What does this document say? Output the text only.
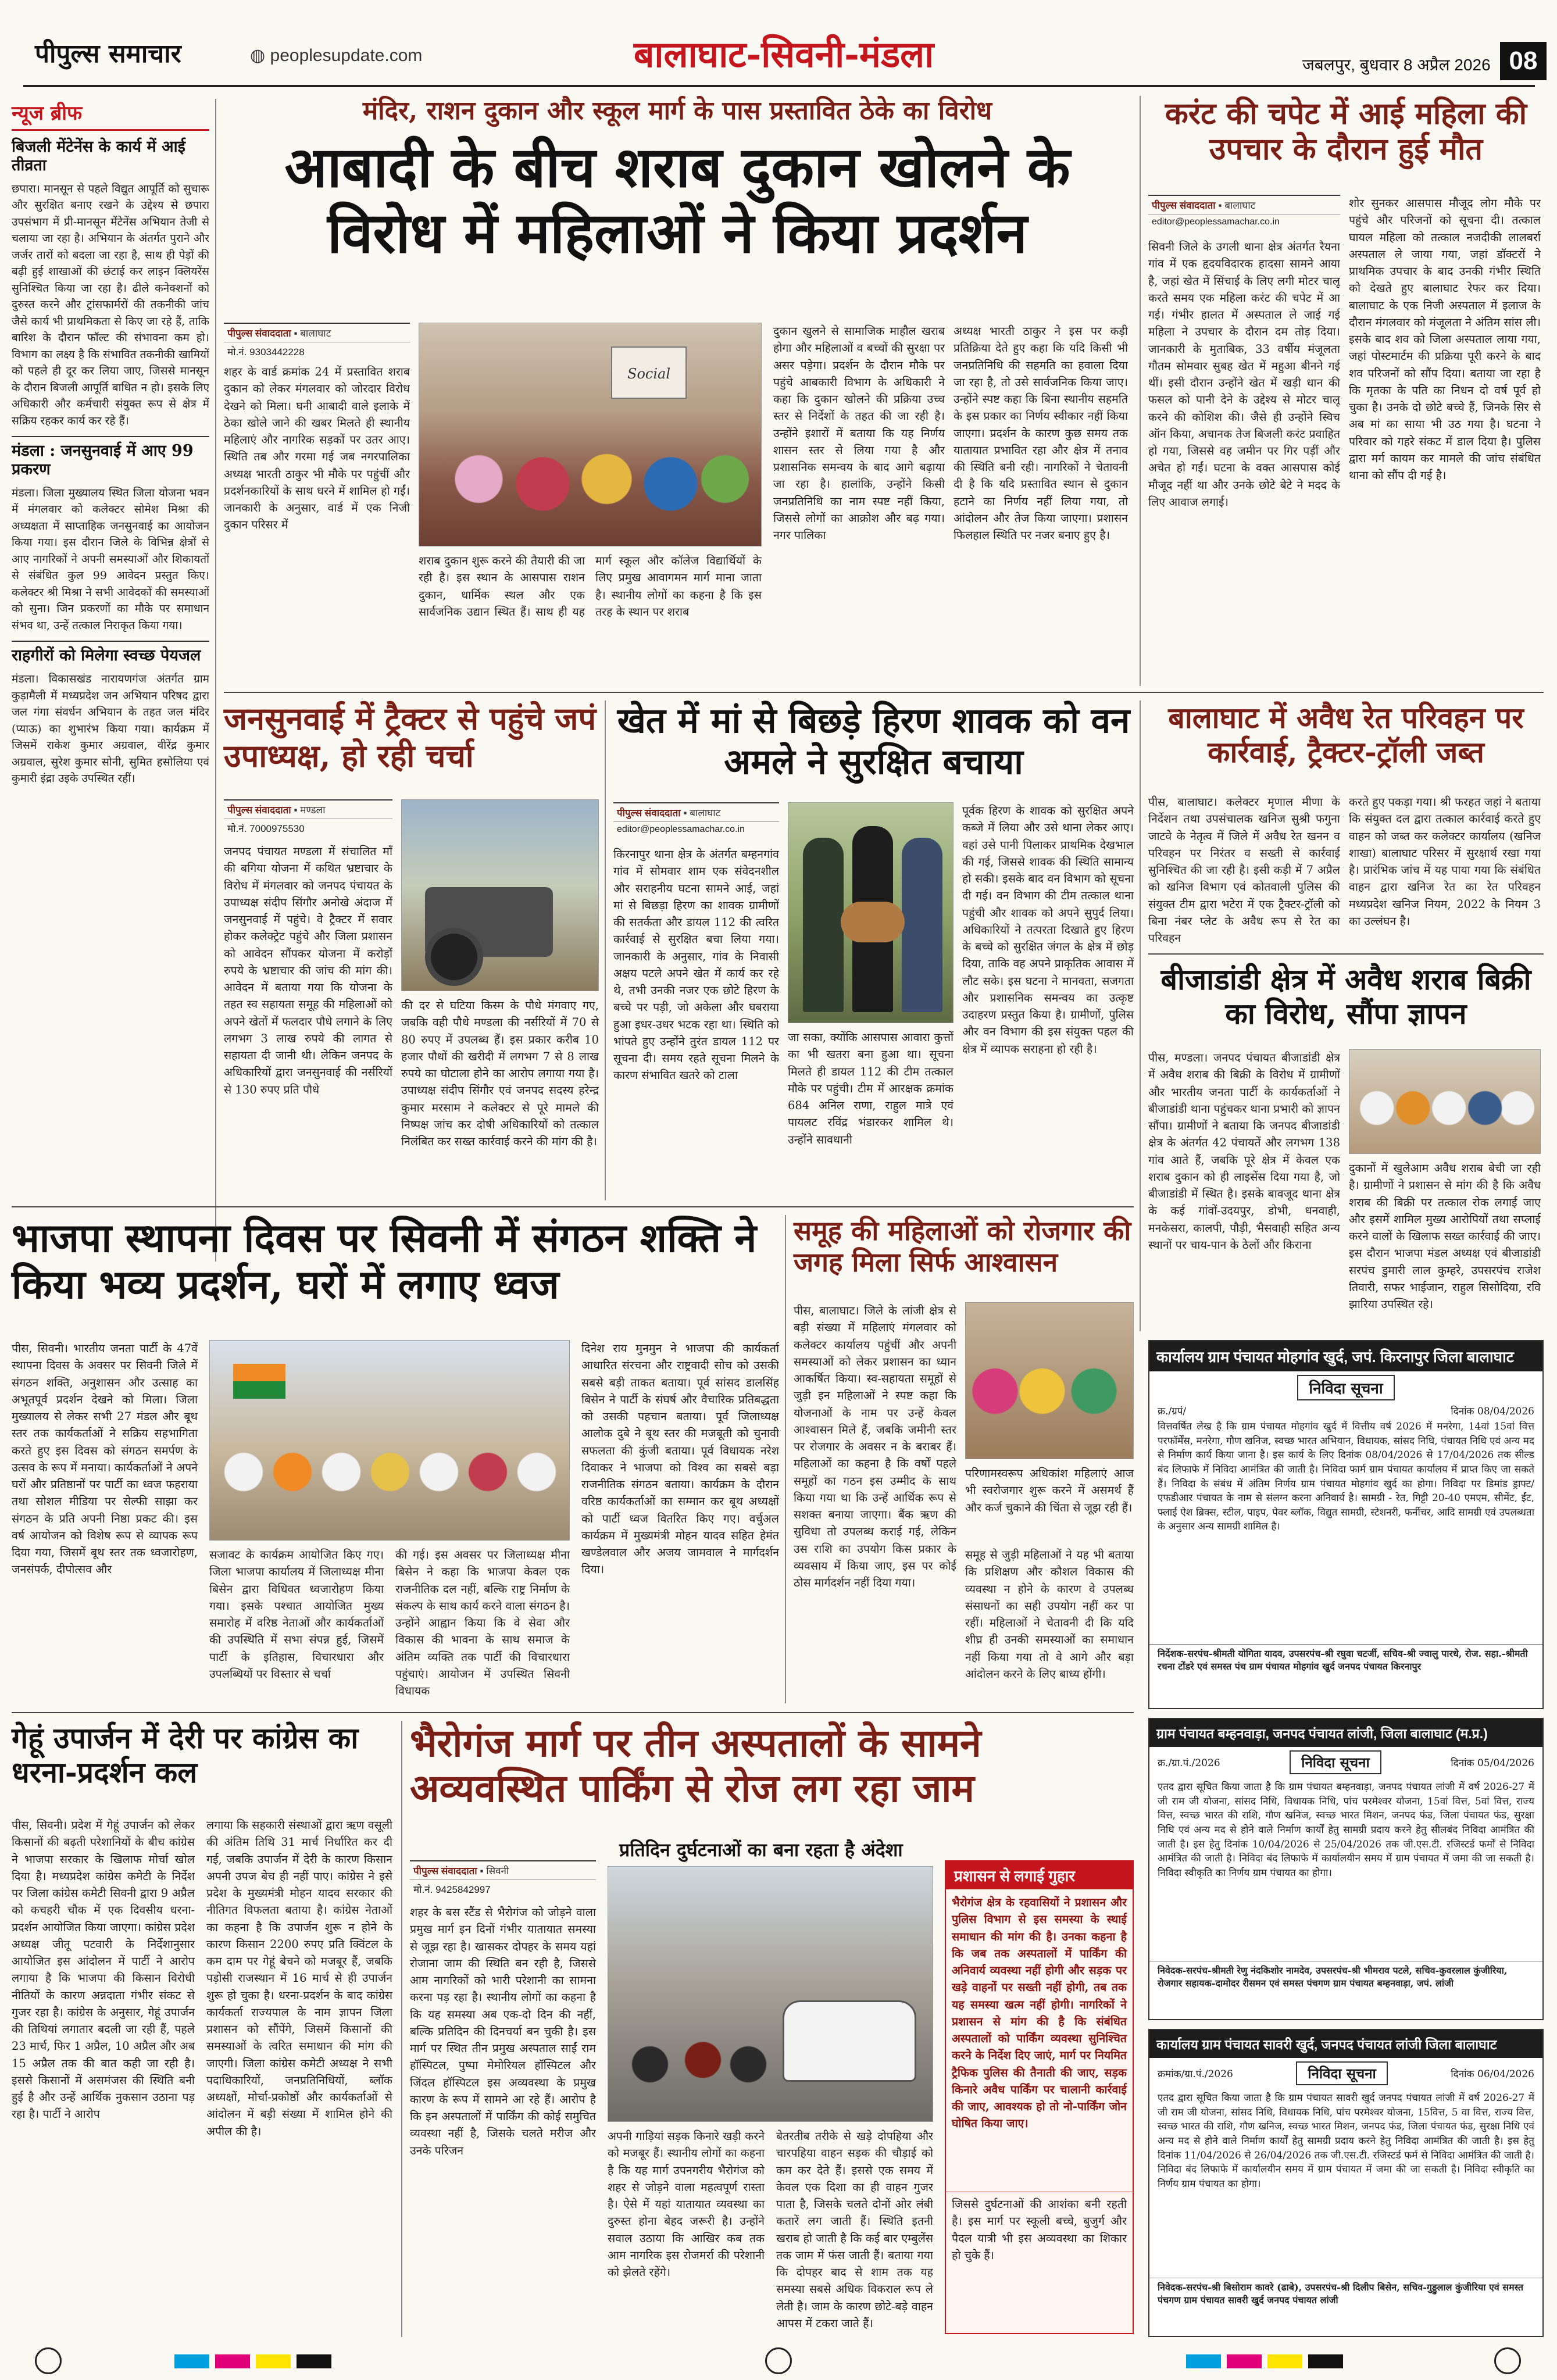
पीपुल्स समाचार	◍ peoplesupdate.com	बालाघाट-सिवनी-मंडला	जबलपुर, बुधवार 8 अप्रैल 2026 08
न्यूज ब्रीफ
बिजली मेंटेनेंस के कार्य में आई तीव्रता
छपारा। मानसून से पहले विद्युत आपूर्ति को सुचारू और सुरक्षित बनाए रखने के उद्देश्य से छपारा उपसंभाग में प्री-मानसून मेंटेनेंस अभियान तेजी से चलाया जा रहा है। अभियान के अंतर्गत पुराने और जर्जर तारों को बदला जा रहा है, साथ ही पेड़ों की बढ़ी हुई शाखाओं की छंटाई कर लाइन क्लियरेंस सुनिश्चित किया जा रहा है। ढीले कनेक्शनों को दुरुस्त करने और ट्रांसफार्मरों की तकनीकी जांच जैसे कार्य भी प्राथमिकता से किए जा रहे हैं, ताकि बारिश के दौरान फॉल्ट की संभावना कम हो। विभाग का लक्ष्य है कि संभावित तकनीकी खामियों को पहले ही दूर कर लिया जाए, जिससे मानसून के दौरान बिजली आपूर्ति बाधित न हो। इसके लिए अधिकारी और कर्मचारी संयुक्त रूप से क्षेत्र में सक्रिय रहकर कार्य कर रहे हैं।
मंडला : जनसुनवाई में आए 99 प्रकरण
मंडला। जिला मुख्यालय स्थित जिला योजना भवन में मंगलवार को कलेक्टर सोमेश मिश्रा की अध्यक्षता में साप्ताहिक जनसुनवाई का आयोजन किया गया। इस दौरान जिले के विभिन्न क्षेत्रों से आए नागरिकों ने अपनी समस्याओं और शिकायतों से संबंधित कुल 99 आवेदन प्रस्तुत किए। कलेक्टर श्री मिश्रा ने सभी आवेदकों की समस्याओं को सुना। जिन प्रकरणों का मौके पर समाधान संभव था, उन्हें तत्काल निराकृत किया गया।
राहगीरों को मिलेगा स्वच्छ पेयजल
मंडला। विकासखंड नारायणगंज अंतर्गत ग्राम कुड़ामैली में मध्यप्रदेश जन अभियान परिषद द्वारा जल गंगा संवर्धन अभियान के तहत जल मंदिर (प्याऊ) का शुभारंभ किया गया। कार्यक्रम में जिसमें राकेश कुमार अग्रवाल, वीरेंद्र कुमार अग्रवाल, सुरेश कुमार सोनी, सुमित हसोलिया एवं कुमारी इंद्रा उइके उपस्थित रहीं।
मंदिर, राशन दुकान और स्कूल मार्ग के पास प्रस्तावित ठेके का विरोध
आबादी के बीच शराब दुकान खोलने के विरोध में महिलाओं ने किया प्रदर्शन
पीपुल्स संवाददाता ▪ बालाघाट
मो.नं. 9303442228
शहर के वार्ड क्रमांक 24 में प्रस्तावित शराब दुकान को लेकर मंगलवार को जोरदार विरोध देखने को मिला। घनी आबादी वाले इलाके में ठेका खोले जाने की खबर मिलते ही स्थानीय महिलाएं और नागरिक सड़कों पर उतर आए। स्थिति तब और गरमा गई जब नगरपालिका अध्यक्ष भारती ठाकुर भी मौके पर पहुंचीं और प्रदर्शनकारियों के साथ धरने में शामिल हो गईं। जानकारी के अनुसार, वार्ड में एक निजी दुकान परिसर में
Social
शराब दुकान शुरू करने की तैयारी की जा रही है। इस स्थान के आसपास राशन दुकान, धार्मिक स्थल और एक सार्वजनिक उद्यान स्थित हैं। साथ ही यह मार्ग स्कूल और कॉलेज विद्यार्थियों के लिए प्रमुख आवागमन मार्ग माना जाता है। स्थानीय लोगों का कहना है कि इस तरह के स्थान पर शराब
दुकान खुलने से सामाजिक माहौल खराब होगा और महिलाओं व बच्चों की सुरक्षा पर असर पड़ेगा। प्रदर्शन के दौरान मौके पर पहुंचे आबकारी विभाग के अधिकारी ने कहा कि दुकान खोलने की प्रक्रिया उच्च स्तर से निर्देशों के तहत की जा रही है। उन्होंने इशारों में बताया कि यह निर्णय शासन स्तर से लिया गया है और प्रशासनिक समन्वय के बाद आगे बढ़ाया जा रहा है। हालांकि, उन्होंने किसी जनप्रतिनिधि का नाम स्पष्ट नहीं किया, जिससे लोगों का आक्रोश और बढ़ गया। नगर पालिका
अध्यक्ष भारती ठाकुर ने इस पर कड़ी प्रतिक्रिया देते हुए कहा कि यदि किसी भी जनप्रतिनिधि की सहमति का हवाला दिया जा रहा है, तो उसे सार्वजनिक किया जाए। उन्होंने स्पष्ट कहा कि बिना स्थानीय सहमति के इस प्रकार का निर्णय स्वीकार नहीं किया जाएगा। प्रदर्शन के कारण कुछ समय तक यातायात प्रभावित रहा और क्षेत्र में तनाव की स्थिति बनी रही। नागरिकों ने चेतावनी दी है कि यदि प्रस्तावित स्थान से दुकान हटाने का निर्णय नहीं लिया गया, तो आंदोलन और तेज किया जाएगा। प्रशासन फिलहाल स्थिति पर नजर बनाए हुए है।
करंट की चपेट में आई महिला की उपचार के दौरान हुई मौत
पीपुल्स संवाददाता ▪ बालाघाट
editor@peoplessamachar.co.in
सिवनी जिले के उगली थाना क्षेत्र अंतर्गत रैयना गांव में एक हृदयविदारक हादसा सामने आया है, जहां खेत में सिंचाई के लिए लगी मोटर चालू करते समय एक महिला करंट की चपेट में आ गई। गंभीर हालत में अस्पताल ले जाई गई महिला ने उपचार के दौरान दम तोड़ दिया। जानकारी के मुताबिक, 33 वर्षीय मंजूलता गौतम सोमवार सुबह खेत में महुआ बीनने गई थीं। इसी दौरान उन्होंने खेत में खड़ी धान की फसल को पानी देने के उद्देश्य से मोटर चालू करने की कोशिश की। जैसे ही उन्होंने स्विच ऑन किया, अचानक तेज बिजली करंट प्रवाहित हो गया, जिससे वह जमीन पर गिर पड़ीं और अचेत हो गईं। घटना के वक्त आसपास कोई मौजूद नहीं था और उनके छोटे बेटे ने मदद के लिए आवाज लगाई।
शोर सुनकर आसपास मौजूद लोग मौके पर पहुंचे और परिजनों को सूचना दी। तत्काल घायल महिला को तत्काल नजदीकी लालबर्रा अस्पताल ले जाया गया, जहां डॉक्टरों ने प्राथमिक उपचार के बाद उनकी गंभीर स्थिति को देखते हुए बालाघाट रेफर कर दिया। बालाघाट के एक निजी अस्पताल में इलाज के दौरान मंगलवार को मंजूलता ने अंतिम सांस ली। इसके बाद शव को जिला अस्पताल लाया गया, जहां पोस्टमार्टम की प्रक्रिया पूरी करने के बाद शव परिजनों को सौंप दिया। बताया जा रहा है कि मृतका के पति का निधन दो वर्ष पूर्व हो चुका है। उनके दो छोटे बच्चे हैं, जिनके सिर से अब मां का साया भी उठ गया है। घटना ने परिवार को गहरे संकट में डाल दिया है। पुलिस द्वारा मर्ग कायम कर मामले की जांच संबंधित थाना को सौंप दी गई है।
जनसुनवाई में ट्रैक्टर से पहुंचे जपं उपाध्यक्ष, हो रही चर्चा
पीपुल्स संवाददाता ▪ मण्डला
मो.नं. 7000975530
जनपद पंचायत मण्डला में संचालित माँ की बगिया योजना में कथित भ्रष्टाचार के विरोध में मंगलवार को जनपद पंचायत के उपाध्यक्ष संदीप सिंगौर अनोखे अंदाज में जनसुनवाई में पहुंचे। वे ट्रैक्टर में सवार होकर कलेक्ट्रेट पहुंचे और जिला प्रशासन को आवेदन सौंपकर योजना में करोड़ों रुपये के भ्रष्टाचार की जांच की मांग की। आवेदन में बताया गया कि योजना के तहत स्व सहायता समूह की महिलाओं को अपने खेतों में फलदार पौधे लगाने के लिए लगभग 3 लाख रुपये की लागत से सहायता दी जानी थी। लेकिन जनपद के अधिकारियों द्वारा जनसुनवाई की नर्सरियों से 130 रुपए प्रति पौधे
की दर से घटिया किस्म के पौधे मंगवाए गए, जबकि वही पौधे मण्डला की नर्सरियों में 70 से 80 रुपए में उपलब्ध हैं। इस प्रकार करीब 10 हजार पौधों की खरीदी में लगभग 7 से 8 लाख रुपये का घोटाला होने का आरोप लगाया गया है। उपाध्यक्ष संदीप सिंगौर एवं जनपद सदस्य हरेन्द्र कुमार मरसाम ने कलेक्टर से पूरे मामले की निष्पक्ष जांच कर दोषी अधिकारियों को तत्काल निलंबित कर सख्त कार्रवाई करने की मांग की है।
खेत में मां से बिछड़े हिरण शावक को वन अमले ने सुरक्षित बचाया
पीपुल्स संवाददाता ▪ बालाघाट
editor@peoplessamachar.co.in
किरनापुर थाना क्षेत्र के अंतर्गत बम्हनगांव गांव में सोमवार शाम एक संवेदनशील और सराहनीय घटना सामने आई, जहां मां से बिछड़ा हिरण का शावक ग्रामीणों की सतर्कता और डायल 112 की त्वरित कार्रवाई से सुरक्षित बचा लिया गया। जानकारी के अनुसार, गांव के निवासी अक्षय पटले अपने खेत में कार्य कर रहे थे, तभी उनकी नजर एक छोटे हिरण के बच्चे पर पड़ी, जो अकेला और घबराया हुआ इधर-उधर भटक रहा था। स्थिति को भांपते हुए उन्होंने तुरंत डायल 112 पर सूचना दी। समय रहते सूचना मिलने के कारण संभावित खतरे को टाला
जा सका, क्योंकि आसपास आवारा कुत्तों का भी खतरा बना हुआ था। सूचना मिलते ही डायल 112 की टीम तत्काल मौके पर पहुंची। टीम में आरक्षक क्रमांक 684 अनिल राणा, राहुल मात्रे एवं पायलट रविंद्र भंडारकर शामिल थे। उन्होंने सावधानी
पूर्वक हिरण के शावक को सुरक्षित अपने कब्जे में लिया और उसे थाना लेकर आए। वहां उसे पानी पिलाकर प्राथमिक देखभाल की गई, जिससे शावक की स्थिति सामान्य हो सकी। इसके बाद वन विभाग को सूचना दी गई। वन विभाग की टीम तत्काल थाना पहुंची और शावक को अपने सुपुर्द लिया। अधिकारियों ने तत्परता दिखाते हुए हिरण के बच्चे को सुरक्षित जंगल के क्षेत्र में छोड़ दिया, ताकि वह अपने प्राकृतिक आवास में लौट सके। इस घटना ने मानवता, सजगता और प्रशासनिक समन्वय का उत्कृष्ट उदाहरण प्रस्तुत किया है। ग्रामीणों, पुलिस और वन विभाग की इस संयुक्त पहल की क्षेत्र में व्यापक सराहना हो रही है।
बालाघाट में अवैध रेत परिवहन पर कार्रवाई, ट्रैक्टर-ट्रॉली जब्त
पीस, बालाघाट। कलेक्टर मृणाल मीणा के निर्देशन तथा उपसंचालक खनिज सुश्री फगुना जाटवे के नेतृत्व में जिले में अवैध रेत खनन व परिवहन पर निरंतर व सख्ती से कार्रवाई सुनिश्चित की जा रही है। इसी कड़ी में 7 अप्रैल को खनिज विभाग एवं कोतवाली पुलिस की संयुक्त टीम द्वारा भटेरा में एक ट्रैक्टर-ट्रॉली को बिना नंबर प्लेट के अवैध रूप से रेत का परिवहन
करते हुए पकड़ा गया। श्री फरहत जहां ने बताया कि संयुक्त दल द्वारा तत्काल कार्रवाई करते हुए वाहन को जब्त कर कलेक्टर कार्यालय (खनिज शाखा) बालाघाट परिसर में सुरक्षार्थ रखा गया है। प्रारंभिक जांच में यह पाया गया कि संबंधित वाहन द्वारा खनिज रेत का रेत परिवहन मध्यप्रदेश खनिज नियम, 2022 के नियम 3 का उल्लंघन है।
बीजाडांडी क्षेत्र में अवैध शराब बिक्री का विरोध, सौंपा ज्ञापन
पीस, मण्डला। जनपद पंचायत बीजाडांडी क्षेत्र में अवैध शराब की बिक्री के विरोध में ग्रामीणों और भारतीय जनता पार्टी के कार्यकर्ताओं ने बीजाडांडी थाना पहुंचकर थाना प्रभारी को ज्ञापन सौंपा। ग्रामीणों ने बताया कि जनपद बीजाडांडी क्षेत्र के अंतर्गत 42 पंचायतें और लगभग 138 गांव आते हैं, जबकि पूरे क्षेत्र में केवल एक शराब दुकान को ही लाइसेंस दिया गया है, जो बीजाडांडी में स्थित है। इसके बावजूद थाना क्षेत्र के कई गांवों-उदयपुर, डोभी, धनवाही, मनकेसरा, कालपी, पौड़ी, भैसवाही सहित अन्य स्थानों पर चाय-पान के ठेलों और किराना
दुकानों में खुलेआम अवैध शराब बेची जा रही है। ग्रामीणों ने प्रशासन से मांग की है कि अवैध शराब की बिक्री पर तत्काल रोक लगाई जाए और इसमें शामिल मुख्य आरोपियों तथा सप्लाई करने वालों के खिलाफ सख्त कार्रवाई की जाए। इस दौरान भाजपा मंडल अध्यक्ष एवं बीजाडांडी सरपंच डुमारी लाल कुम्हरे, उपसरपंच राजेश तिवारी, सफर भाईजान, राहुल सिसोदिया, रवि झारिया उपस्थित रहे।
भाजपा स्थापना दिवस पर सिवनी में संगठन शक्ति ने किया भव्य प्रदर्शन, घरों में लगाए ध्वज
पीस, सिवनी। भारतीय जनता पार्टी के 47वें स्थापना दिवस के अवसर पर सिवनी जिले में संगठन शक्ति, अनुशासन और उत्साह का अभूतपूर्व प्रदर्शन देखने को मिला। जिला मुख्यालय से लेकर सभी 27 मंडल और बूथ स्तर तक कार्यकर्ताओं ने सक्रिय सहभागिता करते हुए इस दिवस को संगठन समर्पण के उत्सव के रूप में मनाया। कार्यकर्ताओं ने अपने घरों और प्रतिष्ठानों पर पार्टी का ध्वज फहराया तथा सोशल मीडिया पर सेल्फी साझा कर संगठन के प्रति अपनी निष्ठा प्रकट की। इस वर्ष आयोजन को विशेष रूप से व्यापक रूप दिया गया, जिसमें बूथ स्तर तक ध्वजारोहण, जनसंपर्क, दीपोत्सव और
सजावट के कार्यक्रम आयोजित किए गए। जिला भाजपा कार्यालय में जिलाध्यक्ष मीना बिसेन द्वारा विधिवत ध्वजारोहण किया गया। इसके पश्चात आयोजित मुख्य समारोह में वरिष्ठ नेताओं और कार्यकर्ताओं की उपस्थिति में सभा संपन्न हुई, जिसमें पार्टी के इतिहास, विचारधारा और उपलब्धियों पर विस्तार से चर्चा
की गई। इस अवसर पर जिलाध्यक्ष मीना बिसेन ने कहा कि भाजपा केवल एक राजनीतिक दल नहीं, बल्कि राष्ट्र निर्माण के संकल्प के साथ कार्य करने वाला संगठन है। उन्होंने आह्वान किया कि वे सेवा और विकास की भावना के साथ समाज के अंतिम व्यक्ति तक पार्टी की विचारधारा पहुंचाएं। आयोजन में उपस्थित सिवनी विधायक
दिनेश राय मुनमुन ने भाजपा की कार्यकर्ता आधारित संरचना और राष्ट्रवादी सोच को उसकी सबसे बड़ी ताकत बताया। पूर्व सांसद डालसिंह बिसेन ने पार्टी के संघर्ष और वैचारिक प्रतिबद्धता को उसकी पहचान बताया। पूर्व जिलाध्यक्ष आलोक दुबे ने बूथ स्तर की मजबूती को चुनावी सफलता की कुंजी बताया। पूर्व विधायक नरेश दिवाकर ने भाजपा को विश्व का सबसे बड़ा राजनीतिक संगठन बताया। कार्यक्रम के दौरान वरिष्ठ कार्यकर्ताओं का सम्मान कर बूथ अध्यक्षों को पार्टी ध्वज वितरित किए गए। वर्चुअल कार्यक्रम में मुख्यमंत्री मोहन यादव सहित हेमंत खण्डेलवाल और अजय जामवाल ने मार्गदर्शन दिया।
समूह की महिलाओं को रोजगार की जगह मिला सिर्फ आश्वासन
पीस, बालाघाट। जिले के लांजी क्षेत्र से बड़ी संख्या में महिलाएं मंगलवार को कलेक्टर कार्यालय पहुंचीं और अपनी समस्याओं को लेकर प्रशासन का ध्यान आकर्षित किया। स्व-सहायता समूहों से जुड़ी इन महिलाओं ने स्पष्ट कहा कि योजनाओं के नाम पर उन्हें केवल आश्वासन मिले हैं, जबकि जमीनी स्तर पर रोजगार के अवसर न के बराबर हैं। महिलाओं का कहना है कि वर्षों पहले समूहों का गठन इस उम्मीद के साथ किया गया था कि उन्हें आर्थिक रूप से सशक्त बनाया जाएगा। बैंक ऋण की सुविधा तो उपलब्ध कराई गई, लेकिन उस राशि का उपयोग किस प्रकार के व्यवसाय में किया जाए, इस पर कोई ठोस मार्गदर्शन नहीं दिया गया।
परिणामस्वरूप अधिकांश महिलाएं आज भी स्वरोजगार शुरू करने में असमर्थ हैं और कर्ज चुकाने की चिंता से जूझ रही हैं।
समूह से जुड़ी महिलाओं ने यह भी बताया कि प्रशिक्षण और कौशल विकास की व्यवस्था न होने के कारण वे उपलब्ध संसाधनों का सही उपयोग नहीं कर पा रहीं। महिलाओं ने चेतावनी दी कि यदि शीघ्र ही उनकी समस्याओं का समाधान नहीं किया गया तो वे आगे और बड़ा आंदोलन करने के लिए बाध्य होंगी।
कार्यालय ग्राम पंचायत मोहगांव खुर्द, जपं. किरनापुर जिला बालाघाट
निविदा सूचना
क्र./ग्रपं/	दिनांक 08/04/2026
वित्तवर्षित लेख है कि ग्राम पंचायत मोहगांव खुर्द में वित्तीय वर्ष 2026 में मनरेगा, 14वां 15वां वित्त परफॉर्मेंस, मनरेगा, गौण खनिज, स्वच्छ भारत अभियान, विधायक, सांसद निधि, पंचायत निधि एवं अन्य मद से निर्माण कार्य किया जाना है। इस कार्य के लिए दिनांक 08/04/2026 से 17/04/2026 तक सील्ड बंद लिफाफे में निविदा आमंत्रित की जाती है। निविदा फार्म ग्राम पंचायत कार्यालय में प्राप्त किए जा सकते हैं। निविदा के संबंध में अंतिम निर्णय ग्राम पंचायत मोहगांव खुर्द का होगा। निविदा पर डिमांड ड्राफ्ट/एफडीआर पंचायत के नाम से संलग्न करना अनिवार्य है। सामग्री - रेत, गिट्टी 20-40 एमएम, सीमेंट, ईंट, फ्लाई ऐश ब्रिक्स, स्टील, पाइप, पेवर ब्लॉक, विद्युत सामग्री, स्टेशनरी, फर्नीचर, आदि सामग्री एवं उपलब्धता के अनुसार अन्य सामग्री शामिल है।
निर्देशक-सरपंच-श्रीमती योगिता यादव, उपसरपंच-श्री रघुवा चटर्जी, सचिव-श्री ज्वालु पारधे, रोज. सहा.-श्रीमती रचना टोंडरे एवं समस्त पंच ग्राम पंचायत मोहगांव खुर्द जनपद पंचायत किरनापुर
गेहूं उपार्जन में देरी पर कांग्रेस का धरना-प्रदर्शन कल
पीस, सिवनी। प्रदेश में गेहूं उपार्जन को लेकर किसानों की बढ़ती परेशानियों के बीच कांग्रेस ने भाजपा सरकार के खिलाफ मोर्चा खोल दिया है। मध्यप्रदेश कांग्रेस कमेटी के निर्देश पर जिला कांग्रेस कमेटी सिवनी द्वारा 9 अप्रैल को कचहरी चौक में एक दिवसीय धरना-प्रदर्शन आयोजित किया जाएगा। कांग्रेस प्रदेश अध्यक्ष जीतू पटवारी के निर्देशानुसार आयोजित इस आंदोलन में पार्टी ने आरोप लगाया है कि भाजपा की किसान विरोधी नीतियों के कारण अन्नदाता गंभीर संकट से गुजर रहा है। कांग्रेस के अनुसार, गेहूं उपार्जन की तिथियां लगातार बदली जा रही हैं, पहले 23 मार्च, फिर 1 अप्रैल, 10 अप्रैल और अब 15 अप्रैल तक की बात कही जा रही है। इससे किसानों में असमंजस की स्थिति बनी हुई है और उन्हें आर्थिक नुकसान उठाना पड़ रहा है। पार्टी ने आरोप
लगाया कि सहकारी संस्थाओं द्वारा ऋण वसूली की अंतिम तिथि 31 मार्च निर्धारित कर दी गई, जबकि उपार्जन में देरी के कारण किसान अपनी उपज बेच ही नहीं पाए। कांग्रेस ने इसे प्रदेश के मुख्यमंत्री मोहन यादव सरकार की नीतिगत विफलता बताया है। कांग्रेस नेताओं का कहना है कि उपार्जन शुरू न होने के कारण किसान 2200 रुपए प्रति क्विंटल के कम दाम पर गेहूं बेचने को मजबूर हैं, जबकि पड़ोसी राजस्थान में 16 मार्च से ही उपार्जन शुरू हो चुका है। धरना-प्रदर्शन के बाद कांग्रेस कार्यकर्ता राज्यपाल के नाम ज्ञापन जिला प्रशासन को सौंपेंगे, जिसमें किसानों की समस्याओं के त्वरित समाधान की मांग की जाएगी। जिला कांग्रेस कमेटी अध्यक्ष ने सभी पदाधिकारियों, जनप्रतिनिधियों, ब्लॉक अध्यक्षों, मोर्चा-प्रकोष्ठों और कार्यकर्ताओं से आंदोलन में बड़ी संख्या में शामिल होने की अपील की है।
भैरोगंज मार्ग पर तीन अस्पतालों के सामने अव्यवस्थित पार्किंग से रोज लग रहा जाम
प्रतिदिन दुर्घटनाओं का बना रहता है अंदेशा
पीपुल्स संवाददाता ▪ सिवनी
मो.नं. 9425842997
शहर के बस स्टैंड से भैरोगंज को जोड़ने वाला प्रमुख मार्ग इन दिनों गंभीर यातायात समस्या से जूझ रहा है। खासकर दोपहर के समय यहां रोजाना जाम की स्थिति बन रही है, जिससे आम नागरिकों को भारी परेशानी का सामना करना पड़ रहा है। स्थानीय लोगों का कहना है कि यह समस्या अब एक-दो दिन की नहीं, बल्कि प्रतिदिन की दिनचर्या बन चुकी है। इस मार्ग पर स्थित तीन प्रमुख अस्पताल साईं राम हॉस्पिटल, पुष्पा मेमोरियल हॉस्पिटल और जिंदल हॉस्पिटल इस अव्यवस्था के प्रमुख कारण के रूप में सामने आ रहे हैं। आरोप है कि इन अस्पतालों में पार्किंग की कोई समुचित व्यवस्था नहीं है, जिसके चलते मरीज और उनके परिजन
अपनी गाड़ियां सड़क किनारे खड़ी करने को मजबूर हैं। स्थानीय लोगों का कहना है कि यह मार्ग उपनगरीय भैरोगंज को शहर से जोड़ने वाला महत्वपूर्ण रास्ता है। ऐसे में यहां यातायात व्यवस्था का दुरुस्त होना बेहद जरूरी है। उन्होंने सवाल उठाया कि आखिर कब तक आम नागरिक इस रोजमर्रा की परेशानी को झेलते रहेंगे।
बेतरतीब तरीके से खड़े दोपहिया और चारपहिया वाहन सड़क की चौड़ाई को कम कर देते हैं। इससे एक समय में केवल एक दिशा का ही वाहन गुजर पाता है, जिसके चलते दोनों ओर लंबी कतारें लग जाती हैं। स्थिति इतनी खराब हो जाती है कि कई बार एम्बुलेंस तक जाम में फंस जाती हैं। बताया गया कि दोपहर बाद से शाम तक यह समस्या सबसे अधिक विकराल रूप ले लेती है। जाम के कारण छोटे-बड़े वाहन आपस में टकरा जाते हैं।
प्रशासन से लगाई गुहार
भैरोगंज क्षेत्र के रहवासियों ने प्रशासन और पुलिस विभाग से इस समस्या के स्थाई समाधान की मांग की है। उनका कहना है कि जब तक अस्पतालों में पार्किंग की अनिवार्य व्यवस्था नहीं होगी और सड़क पर खड़े वाहनों पर सख्ती नहीं होगी, तब तक यह समस्या खत्म नहीं होगी। नागरिकों ने प्रशासन से मांग की है कि संबंधित अस्पतालों को पार्किंग व्यवस्था सुनिश्चित करने के निर्देश दिए जाएं, मार्ग पर नियमित ट्रैफिक पुलिस की तैनाती की जाए, सड़क किनारे अवैध पार्किंग पर चालानी कार्रवाई की जाए, आवश्यक हो तो नो-पार्किंग जोन घोषित किया जाए।
जिससे दुर्घटनाओं की आशंका बनी रहती है। इस मार्ग पर स्कूली बच्चे, बुजुर्ग और पैदल यात्री भी इस अव्यवस्था का शिकार हो चुके हैं।
ग्राम पंचायत बम्हनवाड़ा, जनपद पंचायत लांजी, जिला बालाघाट (म.प्र.)
क्र./ग्रा.पं./2026	निविदा सूचना	दिनांक 05/04/2026
एतद द्वारा सूचित किया जाता है कि ग्राम पंचायत बम्हनवाड़ा, जनपद पंचायत लांजी में वर्ष 2026-27 में जी राम जी योजना, सांसद निधि, विधायक निधि, पांच परमेश्वर योजना, 15वां वित्त, 5वां वित्त, राज्य वित्त, स्वच्छ भारत की राशि, गौण खनिज, स्वच्छ भारत मिशन, जनपद फंड, जिला पंचायत फंड, सुरक्षा निधि एवं अन्य मद से होने वाले निर्माण कार्यों हेतु सामग्री प्रदाय करने हेतु सीलबंद निविदा आमंत्रित की जाती है। इस हेतु दिनांक 10/04/2026 से 25/04/2026 तक जी.एस.टी. रजिस्टर्ड फर्मों से निविदा आमंत्रित की जाती है। निविदा बंद लिफाफे में कार्यालयीन समय में ग्राम पंचायत में जमा की जा सकती है। निविदा स्वीकृति का निर्णय ग्राम पंचायत का होगा।
निवेदक-सरपंच-श्रीमती रेणु नंदकिशोर नामदेव, उपसरपंच-श्री भीमराव पटले, सचिव-कुवरलाल कुंजीरिया, रोजगार सहायक-दामोदर रीसमन एवं समस्त पंचगण ग्राम पंचायत बम्हनवाड़ा, जपं. लांजी
कार्यालय ग्राम पंचायत सावरी खुर्द, जनपद पंचायत लांजी जिला बालाघाट
क्रमांक/ग्रा.पं./2026	निविदा सूचना	दिनांक 06/04/2026
एतद द्वारा सूचित किया जाता है कि ग्राम पंचायत सावरी खुर्द जनपद पंचायत लांजी में वर्ष 2026-27 में जी राम जी योजना, सांसद निधि, विधायक निधि, पांच परमेश्वर योजना, 15वित्त, 5 वा वित्त, राज्य वित्त, स्वच्छ भारत की राशि, गौण खनिज, स्वच्छ भारत मिशन, जनपद फंड, जिला पंचायत फंड, सुरक्षा निधि एवं अन्य मद से होने वाले निर्माण कार्यों हेतु सामग्री प्रदाय करने हेतु निविदा आमंत्रित की जाती है। इस हेतु दिनांक 11/04/2026 से 26/04/2026 तक जी.एस.टी. रजिस्टर्ड फर्म से निविदा आमंत्रित की जाती है। निविदा बंद लिफाफे में कार्यालयीन समय में ग्राम पंचायत में जमा की जा सकती है। निविदा स्वीकृति का निर्णय ग्राम पंचायत का होगा।
निवेदक-सरपंच-श्री बिसोराम कावरे (ढाबे), उपसरपंच-श्री दिलीप बिसेन, सचिव-गुड्डुलाल कुंजीरिया एवं समस्त पंचगण ग्राम पंचायत सावरी खुर्द जनपद पंचायत लांजी
